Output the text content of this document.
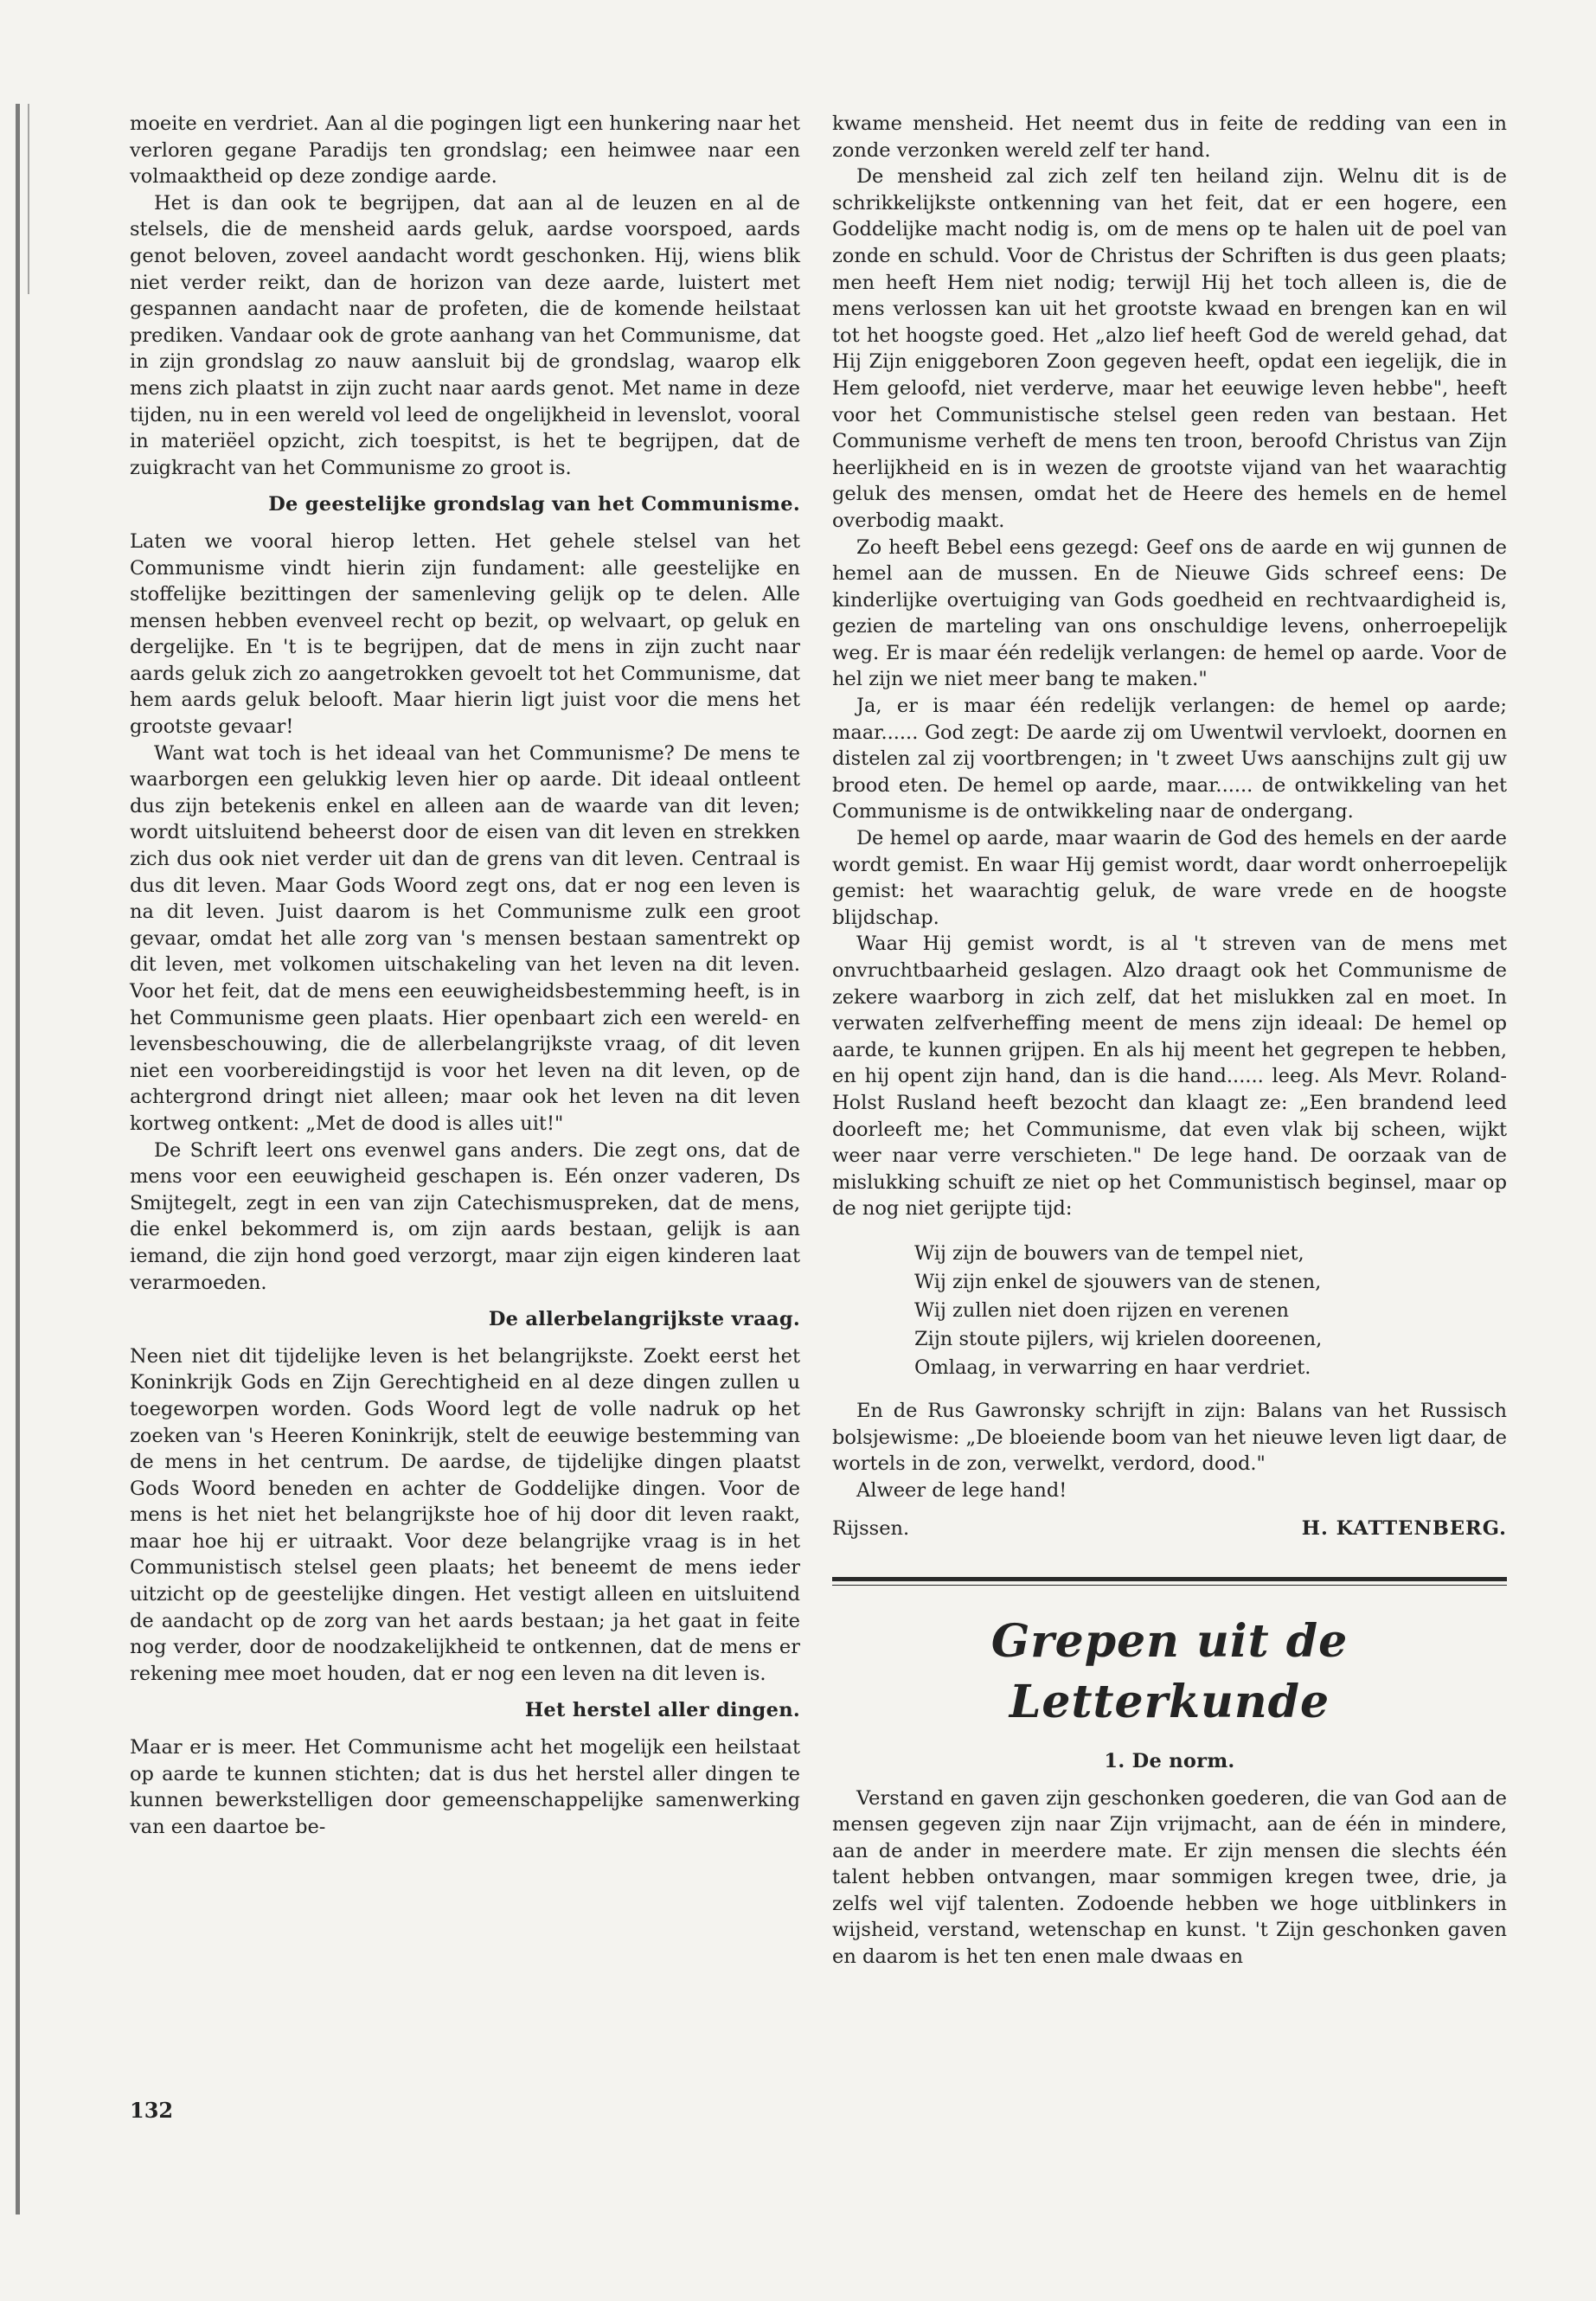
moeite en verdriet. Aan al die pogingen ligt een hunkering naar het verloren gegane Paradijs ten grondslag; een heimwee naar een volmaaktheid op deze zondige aarde.

Het is dan ook te begrijpen, dat aan al de leuzen en al de stelsels, die de mensheid aards geluk, aardse voorspoed, aards genot beloven, zoveel aandacht wordt geschonken. Hij, wiens blik niet verder reikt, dan de horizon van deze aarde, luistert met gespannen aandacht naar de profeten, die de komende heilstaat prediken. Vandaar ook de grote aanhang van het Communisme, dat in zijn grondslag zo nauw aansluit bij de grondslag, waarop elk mens zich plaatst in zijn zucht naar aards genot. Met name in deze tijden, nu in een wereld vol leed de ongelijkheid in levenslot, vooral in materiëel opzicht, zich toespitst, is het te begrijpen, dat de zuigkracht van het Communisme zo groot is.

De geestelijke grondslag van het Communisme.

Laten we vooral hierop letten. Het gehele stelsel van het Communisme vindt hierin zijn fundament: alle geestelijke en stoffelijke bezittingen der samenleving gelijk op te delen. Alle mensen hebben evenveel recht op bezit, op welvaart, op geluk en dergelijke. En 't is te begrijpen, dat de mens in zijn zucht naar aards geluk zich zo aangetrokken gevoelt tot het Communisme, dat hem aards geluk belooft. Maar hierin ligt juist voor die mens het grootste gevaar!

Want wat toch is het ideaal van het Communisme? De mens te waarborgen een gelukkig leven hier op aarde. Dit ideaal ontleent dus zijn betekenis enkel en alleen aan de waarde van dit leven; wordt uitsluitend beheerst door de eisen van dit leven en strekken zich dus ook niet verder uit dan de grens van dit leven. Centraal is dus dit leven. Maar Gods Woord zegt ons, dat er nog een leven is na dit leven. Juist daarom is het Communisme zulk een groot gevaar, omdat het alle zorg van 's mensen bestaan samentrekt op dit leven, met volkomen uitschakeling van het leven na dit leven. Voor het feit, dat de mens een eeuwigheidsbestemming heeft, is in het Communisme geen plaats. Hier openbaart zich een wereld- en levensbeschouwing, die de allerbelangrijkste vraag, of dit leven niet een voorbereidingstijd is voor het leven na dit leven, op de achtergrond dringt niet alleen; maar ook het leven na dit leven kortweg ontkent: „Met de dood is alles uit!"

De Schrift leert ons evenwel gans anders. Die zegt ons, dat de mens voor een eeuwigheid geschapen is. Eén onzer vaderen, Ds Smijtegelt, zegt in een van zijn Catechismuspreken, dat de mens, die enkel bekommerd is, om zijn aards bestaan, gelijk is aan iemand, die zijn hond goed verzorgt, maar zijn eigen kinderen laat verarmoeden.

De allerbelangrijkste vraag.

Neen niet dit tijdelijke leven is het belangrijkste. Zoekt eerst het Koninkrijk Gods en Zijn Gerechtigheid en al deze dingen zullen u toegeworpen worden. Gods Woord legt de volle nadruk op het zoeken van 's Heeren Koninkrijk, stelt de eeuwige bestemming van de mens in het centrum. De aardse, de tijdelijke dingen plaatst Gods Woord beneden en achter de Goddelijke dingen. Voor de mens is het niet het belangrijkste hoe of hij door dit leven raakt, maar hoe hij er uitraakt. Voor deze belangrijke vraag is in het Communistisch stelsel geen plaats; het beneemt de mens ieder uitzicht op de geestelijke dingen. Het vestigt alleen en uitsluitend de aandacht op de zorg van het aards bestaan; ja het gaat in feite nog verder, door de noodzakelijkheid te ontkennen, dat de mens er rekening mee moet houden, dat er nog een leven na dit leven is.

Het herstel aller dingen.

Maar er is meer. Het Communisme acht het mogelijk een heilstaat op aarde te kunnen stichten; dat is dus het herstel aller dingen te kunnen bewerkstelligen door gemeenschappelijke samenwerking van een daartoe be-

kwame mensheid. Het neemt dus in feite de redding van een in zonde verzonken wereld zelf ter hand.

De mensheid zal zich zelf ten heiland zijn. Welnu dit is de schrikkelijkste ontkenning van het feit, dat er een hogere, een Goddelijke macht nodig is, om de mens op te halen uit de poel van zonde en schuld. Voor de Christus der Schriften is dus geen plaats; men heeft Hem niet nodig; terwijl Hij het toch alleen is, die de mens verlossen kan uit het grootste kwaad en brengen kan en wil tot het hoogste goed. Het „alzo lief heeft God de wereld gehad, dat Hij Zijn eniggeboren Zoon gegeven heeft, opdat een iegelijk, die in Hem geloofd, niet verderve, maar het eeuwige leven hebbe", heeft voor het Communistische stelsel geen reden van bestaan. Het Communisme verheft de mens ten troon, beroofd Christus van Zijn heerlijkheid en is in wezen de grootste vijand van het waarachtig geluk des mensen, omdat het de Heere des hemels en de hemel overbodig maakt.

Zo heeft Bebel eens gezegd: Geef ons de aarde en wij gunnen de hemel aan de mussen. En de Nieuwe Gids schreef eens: De kinderlijke overtuiging van Gods goedheid en rechtvaardigheid is, gezien de marteling van ons onschuldige levens, onherroepelijk weg. Er is maar één redelijk verlangen: de hemel op aarde. Voor de hel zijn we niet meer bang te maken."

Ja, er is maar één redelijk verlangen: de hemel op aarde; maar...... God zegt: De aarde zij om Uwentwil vervloekt, doornen en distelen zal zij voortbrengen; in 't zweet Uws aanschijns zult gij uw brood eten. De hemel op aarde, maar...... de ontwikkeling van het Communisme is de ontwikkeling naar de ondergang.

De hemel op aarde, maar waarin de God des hemels en der aarde wordt gemist. En waar Hij gemist wordt, daar wordt onherroepelijk gemist: het waarachtig geluk, de ware vrede en de hoogste blijdschap.

Waar Hij gemist wordt, is al 't streven van de mens met onvruchtbaarheid geslagen. Alzo draagt ook het Communisme de zekere waarborg in zich zelf, dat het mislukken zal en moet. In verwaten zelfverheffing meent de mens zijn ideaal: De hemel op aarde, te kunnen grijpen. En als hij meent het gegrepen te hebben, en hij opent zijn hand, dan is die hand...... leeg. Als Mevr. Roland-Holst Rusland heeft bezocht dan klaagt ze: „Een brandend leed doorleeft me; het Communisme, dat even vlak bij scheen, wijkt weer naar verre verschieten." De lege hand. De oorzaak van de mislukking schuift ze niet op het Communistisch beginsel, maar op de nog niet gerijpte tijd:

Wij zijn de bouwers van de tempel niet,
Wij zijn enkel de sjouwers van de stenen,
Wij zullen niet doen rijzen en verenen
Zijn stoute pijlers, wij krielen dooreenen,
Omlaag, in verwarring en haar verdriet.

En de Rus Gawronsky schrijft in zijn: Balans van het Russisch bolsjewisme: „De bloeiende boom van het nieuwe leven ligt daar, de wortels in de zon, verwelkt, verdord, dood."

Alweer de lege hand!

Rijssen.	H. KATTENBERG.
Grepen uit de Letterkunde
1. De norm.

Verstand en gaven zijn geschonken goederen, die van God aan de mensen gegeven zijn naar Zijn vrijmacht, aan de één in mindere, aan de ander in meerdere mate. Er zijn mensen die slechts één talent hebben ontvangen, maar sommigen kregen twee, drie, ja zelfs wel vijf talenten. Zodoende hebben we hoge uitblinkers in wijsheid, verstand, wetenschap en kunst. 't Zijn geschonken gaven en daarom is het ten enen male dwaas en

132
